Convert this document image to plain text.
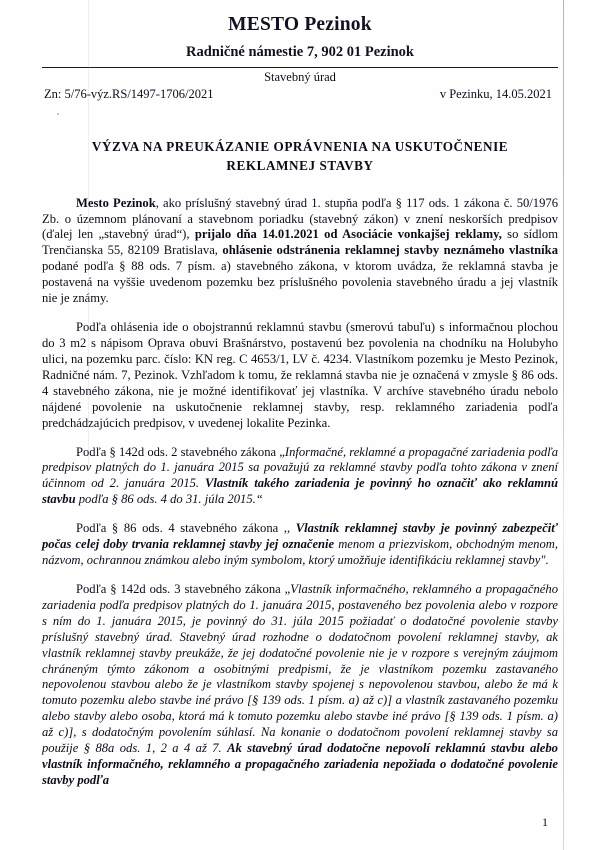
MESTO Pezinok
Radničné námestie 7, 902 01 Pezinok
Stavebný úrad
Zn: 5/76-výz.RS/1497-1706/2021	v Pezinku, 14.05.2021
VÝZVA NA PREUKÁZANIE OPRÁVNENIA NA USKUTOČNENIE REKLAMNEJ STAVBY

Mesto Pezinok, ako príslušný stavebný úrad 1. stupňa podľa § 117 ods. 1 zákona č. 50/1976 Zb. o územnom plánovaní a stavebnom poriadku (stavebný zákon) v znení neskorších predpisov (ďalej len „stavebný úrad“), prijalo dňa 14.01.2021 od Asociácie vonkajšej reklamy, so sídlom Trenčianska 55, 82109 Bratislava, ohlásenie odstránenia reklamnej stavby neznámeho vlastníka podané podľa § 88 ods. 7 písm. a) stavebného zákona, v ktorom uvádza, že reklamná stavba je postavená na vyššie uvedenom pozemku bez príslušného povolenia stavebného úradu a jej vlastník nie je známy.

Podľa ohlásenia ide o obojstrannú reklamnú stavbu (smerovú tabuľu) s informačnou plochou do 3 m2 s nápisom Oprava obuvi Brašnárstvo, postavenú bez povolenia na chodníku na Holubyho ulici, na pozemku parc. číslo: KN reg. C 4653/1, LV č. 4234. Vlastníkom pozemku je Mesto Pezinok, Radničné nám. 7, Pezinok. Vzhľadom k tomu, že reklamná stavba nie je označená v zmysle § 86 ods. 4 stavebného zákona, nie je možné identifikovať jej vlastníka. V archíve stavebného úradu nebolo nájdené povolenie na uskutočnenie reklamnej stavby, resp. reklamného zariadenia podľa predchádzajúcich predpisov, v uvedenej lokalite Pezinka.

Podľa § 142d ods. 2 stavebného zákona „Informačné, reklamné a propagačné zariadenia podľa predpisov platných do 1. januára 2015 sa považujú za reklamné stavby podľa tohto zákona v znení účinnom od 2. januára 2015. Vlastník takého zariadenia je povinný ho označiť ako reklamnú stavbu podľa § 86 ods. 4 do 31. júla 2015.“

Podľa § 86 ods. 4 stavebného zákona ,, Vlastník reklamnej stavby je povinný zabezpečiť počas celej doby trvania reklamnej stavby jej označenie menom a priezviskom, obchodným menom, názvom, ochrannou známkou alebo iným symbolom, ktorý umožňuje identifikáciu reklamnej stavby".

Podľa § 142d ods. 3 stavebného zákona „Vlastník informačného, reklamného a propagačného zariadenia podľa predpisov platných do 1. januára 2015, postaveného bez povolenia alebo v rozpore s ním do 1. januára 2015, je povinný do 31. júla 2015 požiadať o dodatočné povolenie stavby príslušný stavebný úrad. Stavebný úrad rozhodne o dodatočnom povolení reklamnej stavby, ak vlastník reklamnej stavby preukáže, že jej dodatočné povolenie nie je v rozpore s verejným záujmom chráneným týmto zákonom a osobitnými predpismi, že je vlastníkom pozemku zastavaného nepovolenou stavbou alebo že je vlastníkom stavby spojenej s nepovolenou stavbou, alebo že má k tomuto pozemku alebo stavbe iné právo [§ 139 ods. 1 písm. a) až c)] a vlastník zastavaného pozemku alebo stavby alebo osoba, ktorá má k tomuto pozemku alebo stavbe iné právo [§ 139 ods. 1 písm. a) až c)], s dodatočným povolením súhlasí. Na konanie o dodatočnom povolení reklamnej stavby sa použije § 88a ods. 1, 2 a 4 až 7. Ak stavebný úrad dodatočne nepovolí reklamnú stavbu alebo vlastník informačného, reklamného a propagačného zariadenia nepožiada o dodatočné povolenie stavby podľa

1
